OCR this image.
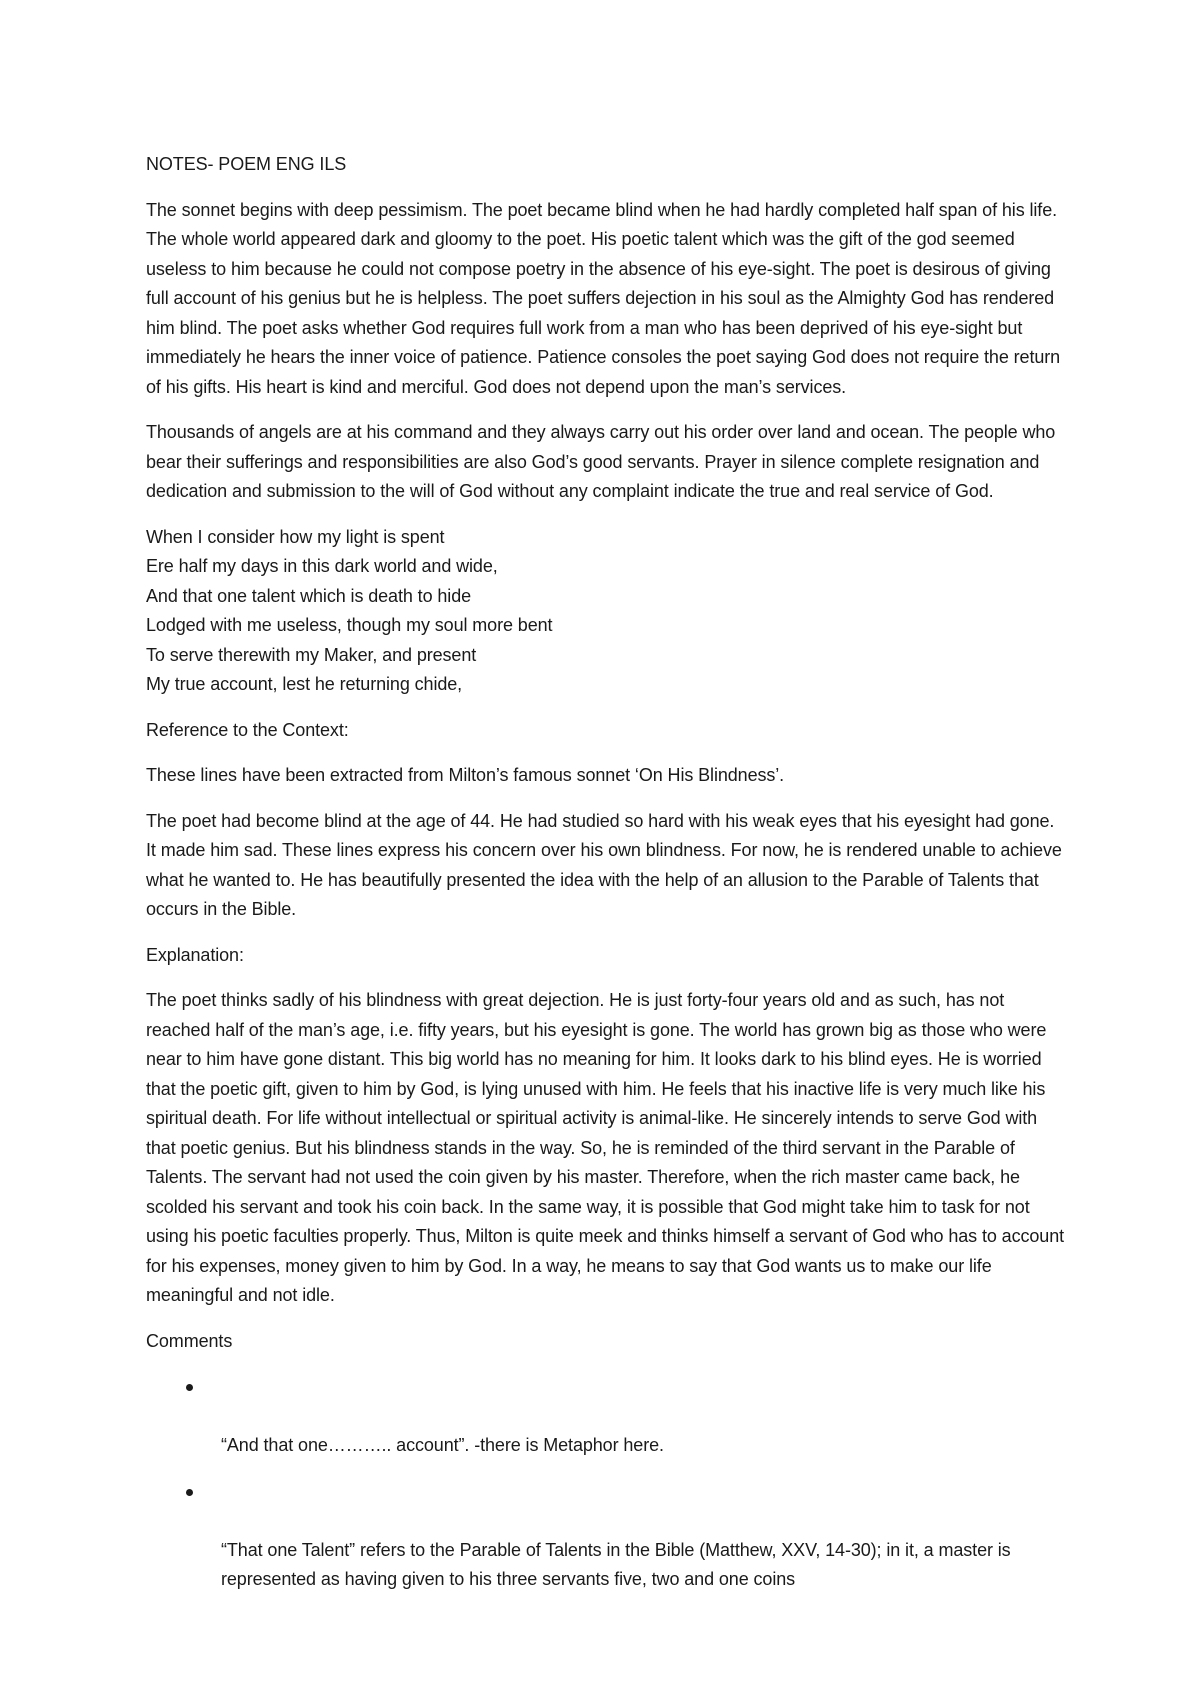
NOTES- POEM ENG ILS

The sonnet begins with deep pessimism. The poet became blind when he had hardly completed half span of his life. The whole world appeared dark and gloomy to the poet. His poetic talent which was the gift of the god seemed useless to him because he could not compose poetry in the absence of his eye-sight. The poet is desirous of giving full account of his genius but he is helpless. The poet suffers dejection in his soul as the Almighty God has rendered him blind. The poet asks whether God requires full work from a man who has been deprived of his eye-sight but immediately he hears the inner voice of patience. Patience consoles the poet saying God does not require the return of his gifts. His heart is kind and merciful. God does not depend upon the man’s services.

Thousands of angels are at his command and they always carry out his order over land and ocean. The people who bear their sufferings and responsibilities are also God’s good servants. Prayer in silence complete resignation and dedication and submission to the will of God without any complaint indicate the true and real service of God.

When I consider how my light is spent
Ere half my days in this dark world and wide,
And that one talent which is death to hide
Lodged with me useless, though my soul more bent
To serve therewith my Maker, and present
My true account, lest he returning chide,

Reference to the Context:

These lines have been extracted from Milton’s famous sonnet ‘On His Blindness’.

The poet had become blind at the age of 44. He had studied so hard with his weak eyes that his eyesight had gone. It made him sad. These lines express his concern over his own blindness. For now, he is rendered unable to achieve what he wanted to. He has beautifully presented the idea with the help of an allusion to the Parable of Talents that occurs in the Bible.

Explanation:

The poet thinks sadly of his blindness with great dejection. He is just forty-four years old and as such, has not reached half of the man’s age, i.e. fifty years, but his eyesight is gone. The world has grown big as those who were near to him have gone distant. This big world has no meaning for him. It looks dark to his blind eyes. He is worried that the poetic gift, given to him by God, is lying unused with him. He feels that his inactive life is very much like his spiritual death. For life without intellectual or spiritual activity is animal-like. He sincerely intends to serve God with that poetic genius. But his blindness stands in the way. So, he is reminded of the third servant in the Parable of Talents. The servant had not used the coin given by his master. Therefore, when the rich master came back, he scolded his servant and took his coin back. In the same way, it is possible that God might take him to task for not using his poetic faculties properly. Thus, Milton is quite meek and thinks himself a servant of God who has to account for his expenses, money given to him by God. In a way, he means to say that God wants us to make our life meaningful and not idle.

Comments

“And that one……….. account”. -there is Metaphor here.

“That one Talent” refers to the Parable of Talents in the Bible (Matthew, XXV, 14-30); in it, a master is represented as having given to his three servants five, two and one coins
